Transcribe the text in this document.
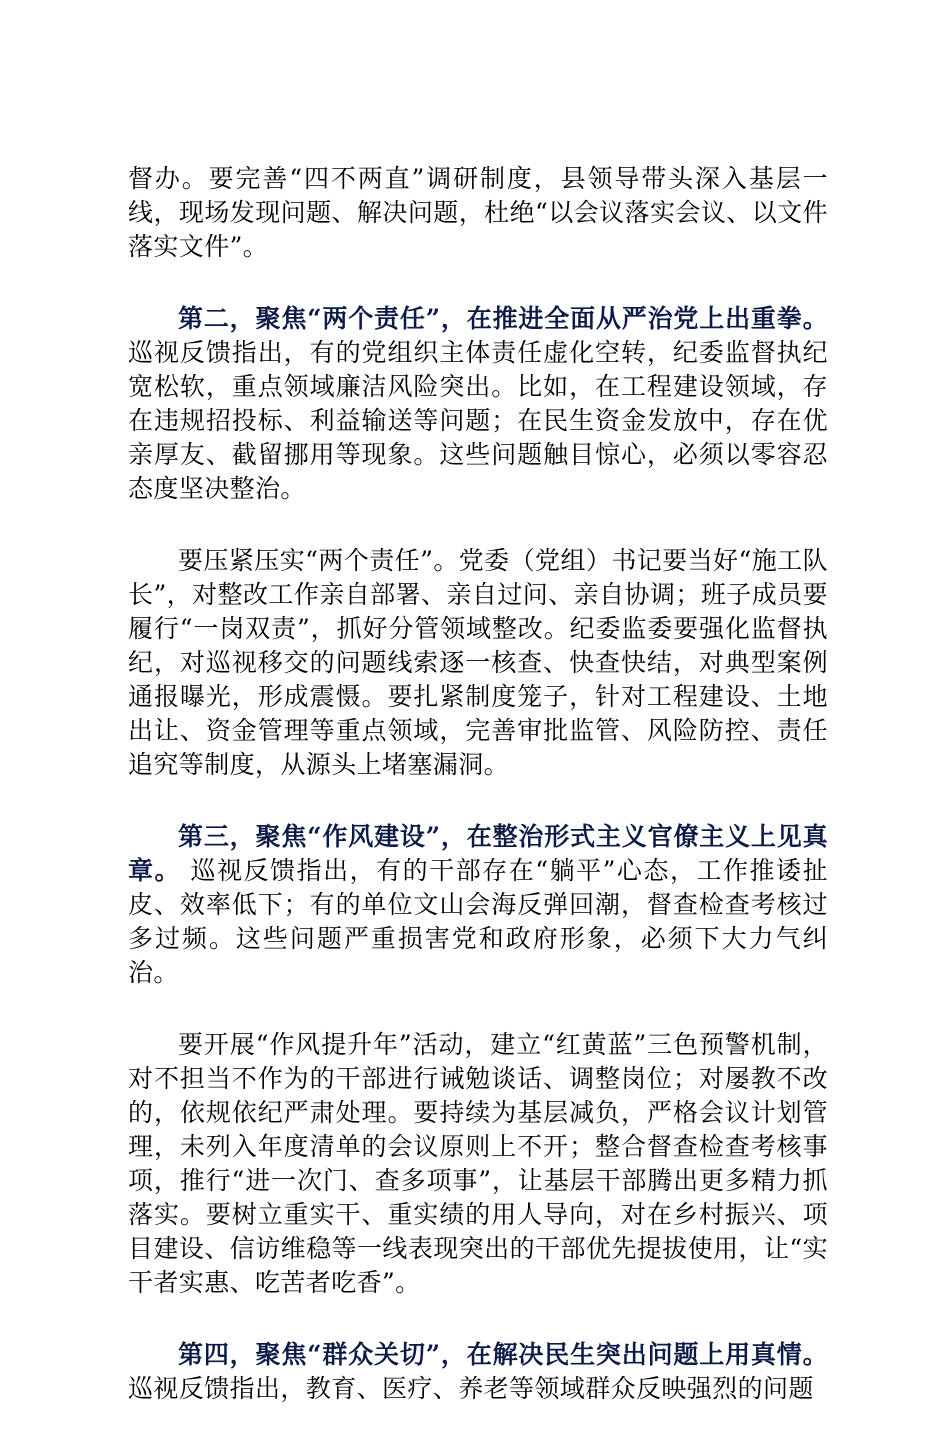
督办。要完善“四不两直”调研制度，县领导带头深入基层一线，现场发现问题、解决问题，杜绝“以会议落实会议、以文件落实文件”。

第二，聚焦“两个责任”，在推进全面从严治党上出重拳。巡视反馈指出，有的党组织主体责任虚化空转，纪委监督执纪宽松软，重点领域廉洁风险突出。比如，在工程建设领域，存在违规招投标、利益输送等问题；在民生资金发放中，存在优亲厚友、截留挪用等现象。这些问题触目惊心，必须以零容忍态度坚决整治。

要压紧压实“两个责任”。党委（党组）书记要当好“施工队长”，对整改工作亲自部署、亲自过问、亲自协调；班子成员要履行“一岗双责”，抓好分管领域整改。纪委监委要强化监督执纪，对巡视移交的问题线索逐一核查、快查快结，对典型案例通报曝光，形成震慑。要扎紧制度笼子，针对工程建设、土地出让、资金管理等重点领域，完善审批监管、风险防控、责任追究等制度，从源头上堵塞漏洞。

第三，聚焦“作风建设”，在整治形式主义官僚主义上见真章。 巡视反馈指出，有的干部存在“躺平”心态，工作推诿扯皮、效率低下；有的单位文山会海反弹回潮，督查检查考核过多过频。这些问题严重损害党和政府形象，必须下大力气纠治。

要开展“作风提升年”活动，建立“红黄蓝”三色预警机制，对不担当不作为的干部进行诫勉谈话、调整岗位；对屡教不改的，依规依纪严肃处理。要持续为基层减负，严格会议计划管理，未列入年度清单的会议原则上不开；整合督查检查考核事项，推行“进一次门、查多项事”，让基层干部腾出更多精力抓落实。要树立重实干、重实绩的用人导向，对在乡村振兴、项目建设、信访维稳等一线表现突出的干部优先提拔使用，让“实干者实惠、吃苦者吃香”。

第四，聚焦“群众关切”，在解决民生突出问题上用真情。巡视反馈指出，教育、医疗、养老等领域群众反映强烈的问题
